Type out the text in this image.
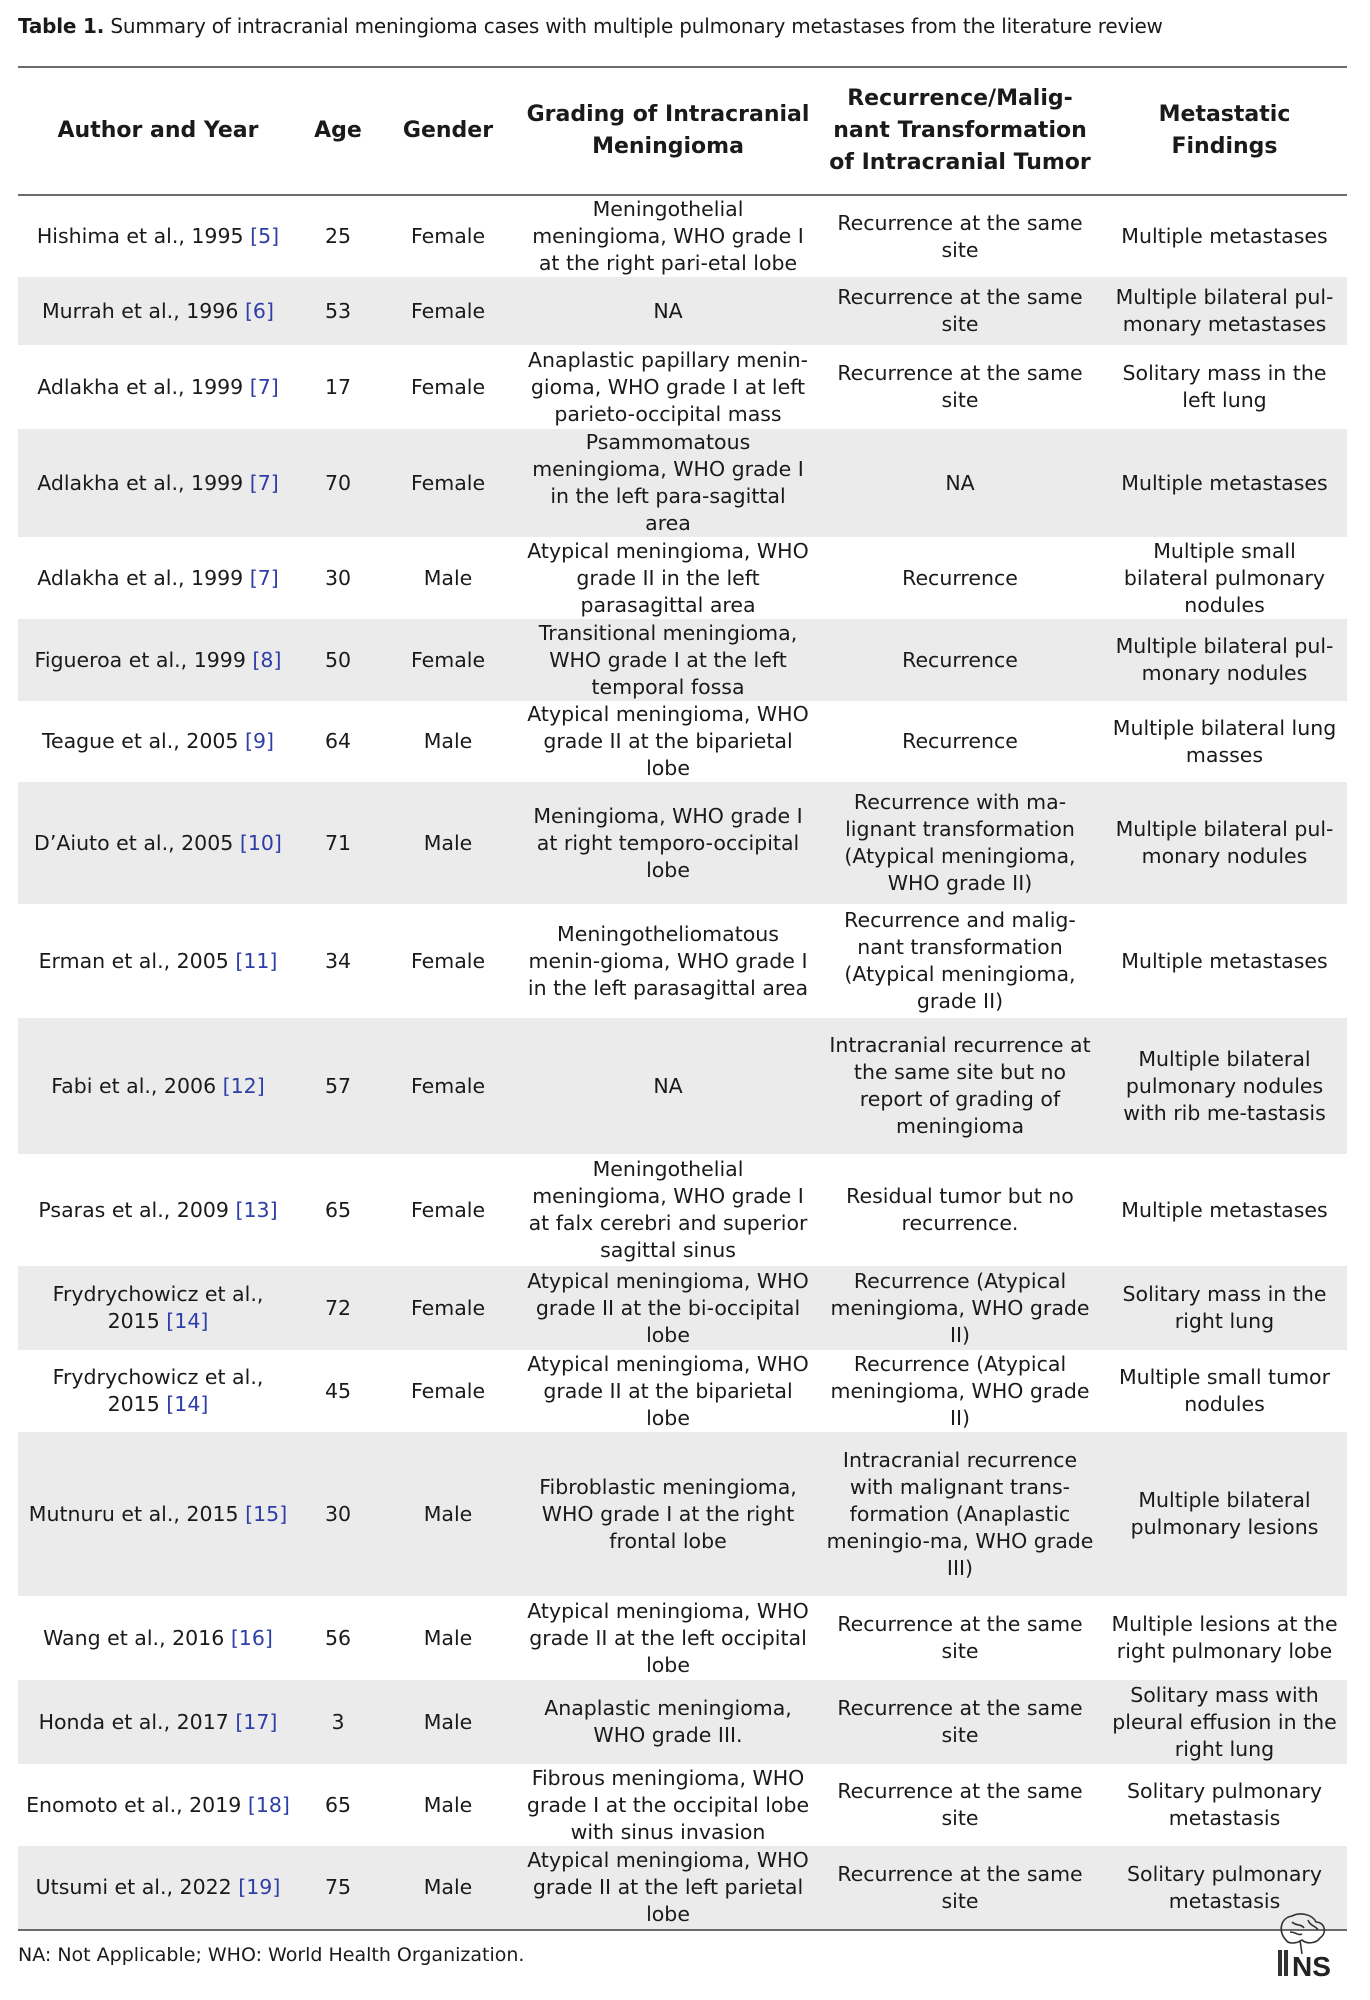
Table 1. Summary of intracranial meningioma cases with multiple pulmonary metastases from the literature review
Author and Year	Age	Gender	Grading of Intracranial Meningioma	Recurrence/Malig-nant Transformation of Intracranial Tumor	Metastatic Findings
Hishima et al., 1995 [5]	25	Female	Meningothelial meningioma, WHO grade I at the right pari-etal lobe	Recurrence at the same site	Multiple metastases
Murrah et al., 1996 [6]	53	Female	NA	Recurrence at the same site	Multiple bilateral pul-monary metastases
Adlakha et al., 1999 [7]	17	Female	Anaplastic papillary menin-gioma, WHO grade I at left parieto-occipital mass	Recurrence at the same site	Solitary mass in the left lung
Adlakha et al., 1999 [7]	70	Female	Psammomatous meningioma, WHO grade I in the left para-sagittal area	NA	Multiple metastases
Adlakha et al., 1999 [7]	30	Male	Atypical meningioma, WHO grade II in the left parasagittal area	Recurrence	Multiple small bilateral pulmonary nodules
Figueroa et al., 1999 [8]	50	Female	Transitional meningioma, WHO grade I at the left temporal fossa	Recurrence	Multiple bilateral pul-monary nodules
Teague et al., 2005 [9]	64	Male	Atypical meningioma, WHO grade II at the biparietal lobe	Recurrence	Multiple bilateral lung masses
D’Aiuto et al., 2005 [10]	71	Male	Meningioma, WHO grade I at right temporo-occipital lobe	Recurrence with ma-lignant transformation (Atypical meningioma, WHO grade II)	Multiple bilateral pul-monary nodules
Erman et al., 2005 [11]	34	Female	Meningotheliomatous menin-gioma, WHO grade I in the left parasagittal area	Recurrence and malig-nant transformation (Atypical meningioma, grade II)	Multiple metastases
Fabi et al., 2006 [12]	57	Female	NA	Intracranial recurrence at the same site but no report of grading of meningioma	Multiple bilateral pulmonary nodules with rib me-tastasis
Psaras et al., 2009 [13]	65	Female	Meningothelial meningioma, WHO grade I at falx cerebri and superior sagittal sinus	Residual tumor but no recurrence.	Multiple metastases
Frydrychowicz et al., 2015 [14]	72	Female	Atypical meningioma, WHO grade II at the bi-occipital lobe	Recurrence (Atypical meningioma, WHO grade II)	Solitary mass in the right lung
Frydrychowicz et al., 2015 [14]	45	Female	Atypical meningioma, WHO grade II at the biparietal lobe	Recurrence (Atypical meningioma, WHO grade II)	Multiple small tumor nodules
Mutnuru et al., 2015 [15]	30	Male	Fibroblastic meningioma, WHO grade I at the right frontal lobe	Intracranial recurrence with malignant trans-formation (Anaplastic meningio-ma, WHO grade III)	Multiple bilateral pulmonary lesions
Wang et al., 2016 [16]	56	Male	Atypical meningioma, WHO grade II at the left occipital lobe	Recurrence at the same site	Multiple lesions at the right pulmonary lobe
Honda et al., 2017 [17]	3	Male	Anaplastic meningioma, WHO grade III.	Recurrence at the same site	Solitary mass with pleural effusion in the right lung
Enomoto et al., 2019 [18]	65	Male	Fibrous meningioma, WHO grade I at the occipital lobe with sinus invasion	Recurrence at the same site	Solitary pulmonary metastasis
Utsumi et al., 2022 [19]	75	Male	Atypical meningioma, WHO grade II at the left parietal lobe	Recurrence at the same site	Solitary pulmonary metastasis
NA: Not Applicable; WHO: World Health Organization.	NS
